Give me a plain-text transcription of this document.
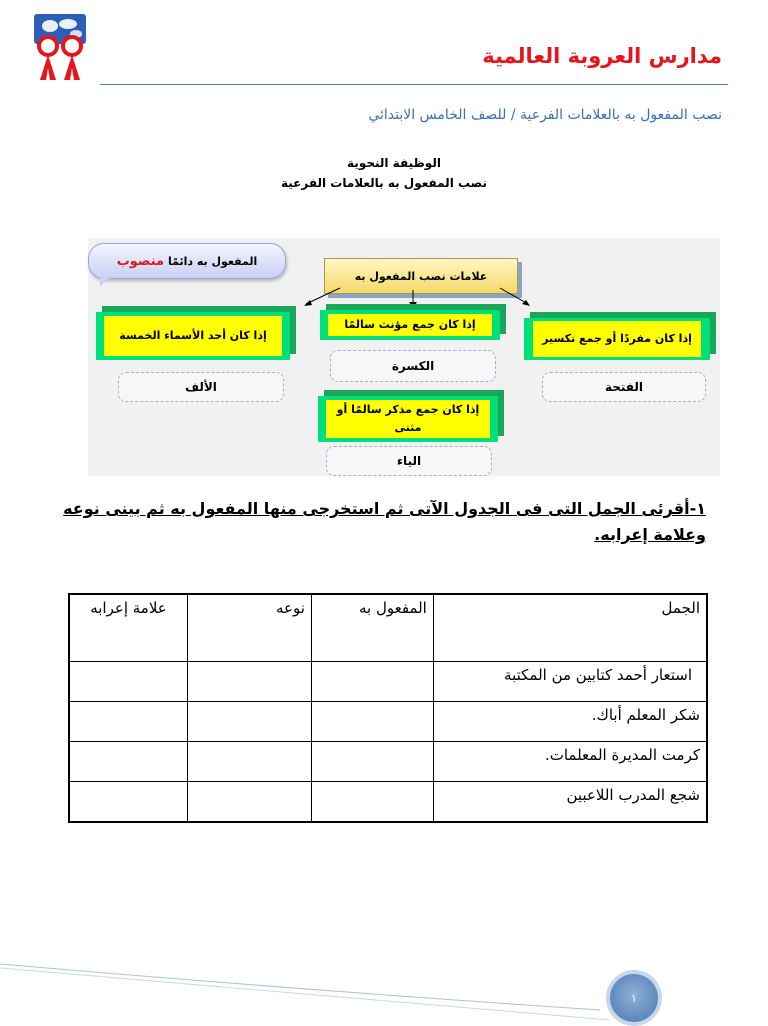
مدارس العروبة العالمية
نصب المفعول به بالعلامات الفرعية / للصف الخامس الابتدائي
الوظيفة النحوية
نصب المفعول به بالعلامات الفرعية
المفعول به دائمًا

منصوب
علامات نصب المفعول به
إذا كان مفردًا أو جمع تكسير
الفتحة
إذا كان جمع مؤنث سالمًا
الكسرة
إذا كان أحد الأسماء الخمسة
الألف
إذا كان جمع مذكر سالمًا أو مثنى
الياء
١-أقرئى الجمل التى فى الجدول الآتى ثم استخرجى منها المفعول به ثم بينى نوعه وعلامة إعرابه.
الجمل	المفعول به	نوعه	علامة إعرابه
استعار أحمد كتابين من المكتبة			
شكر المعلم أباك.			
كرمت المديرة المعلمات.			
شجع المدرب اللاعبين			
١
